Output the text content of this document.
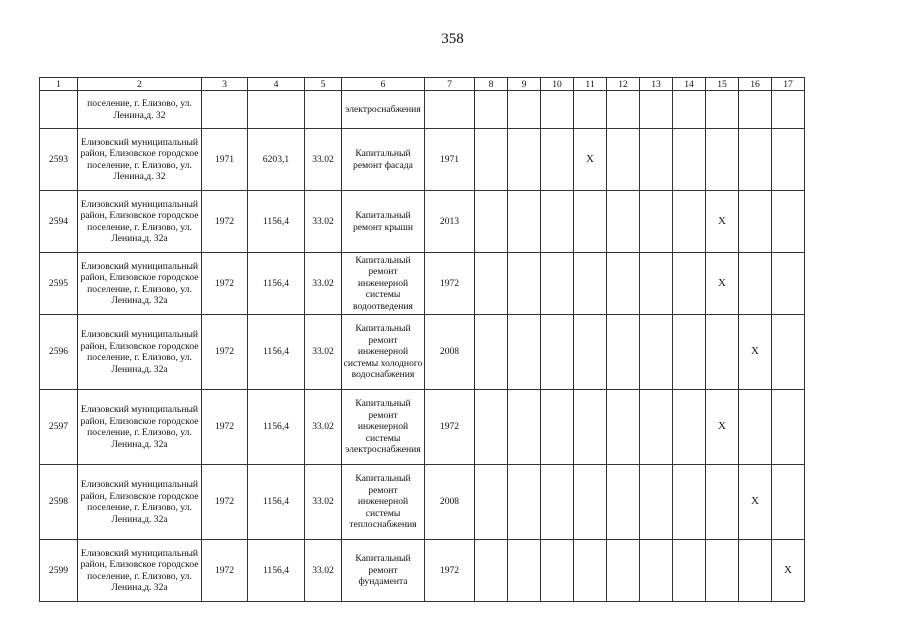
358
1	2	3	4	5	6	7	8	9	10	11	12	13	14	15	16	17
	поселение, г. Елизово, ул. Ленина,д. 32				электроснабжения											
2593	Елизовский муниципальный район, Елизовское городское поселение, г. Елизово, ул. Ленина,д. 32	1971	6203,1	33.02	Капитальный ремонт фасада	1971				X						
2594	Елизовский муниципальный район, Елизовское городское поселение, г. Елизово, ул. Ленина,д. 32а	1972	1156,4	33.02	Капитальный ремонт крыши	2013								X		
2595	Елизовский муниципальный район, Елизовское городское поселение, г. Елизово, ул. Ленина,д. 32а	1972	1156,4	33.02	Капитальный ремонт инженерной системы водоотведения	1972								X		
2596	Елизовский муниципальный район, Елизовское городское поселение, г. Елизово, ул. Ленина,д. 32а	1972	1156,4	33.02	Капитальный ремонт инженерной системы холодного водоснабжения	2008									X	
2597	Елизовский муниципальный район, Елизовское городское поселение, г. Елизово, ул. Ленина,д. 32а	1972	1156,4	33.02	Капитальный ремонт инженерной системы электроснабжения	1972								X		
2598	Елизовский муниципальный район, Елизовское городское поселение, г. Елизово, ул. Ленина,д. 32а	1972	1156,4	33.02	Капитальный ремонт инженерной системы теплоснабжения	2008									X	
2599	Елизовский муниципальный район, Елизовское городское поселение, г. Елизово, ул. Ленина,д. 32а	1972	1156,4	33.02	Капитальный ремонт фундамента	1972										X
